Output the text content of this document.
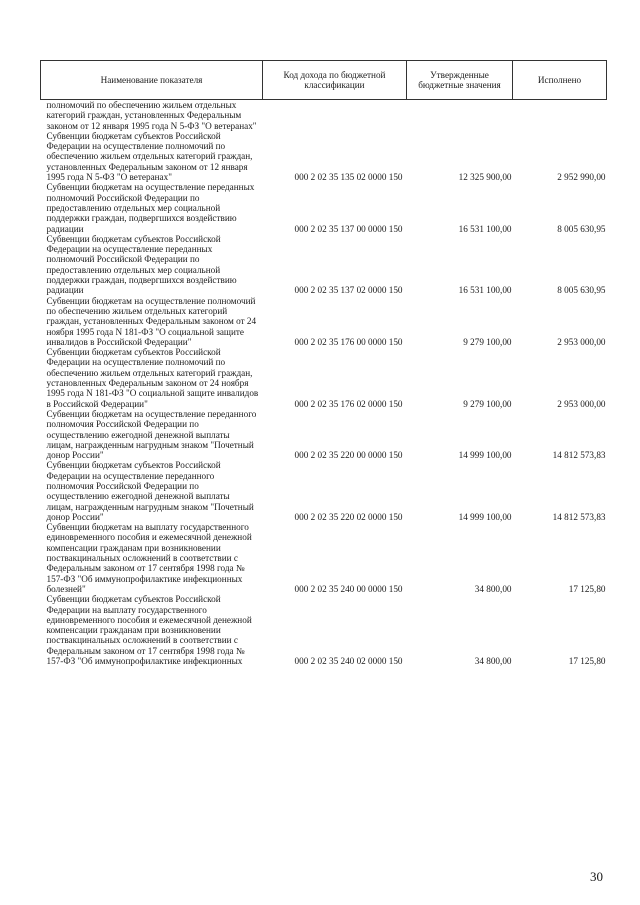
Наименование показателя	Код дохода по бюджетной классификации	Утвержденные бюджетные значения	Исполнено
полномочий по обеспечению жильем отдельных категорий граждан, установленных Федеральным законом от 12 января 1995 года N 5-ФЗ "О ветеранах"			
Субвенции бюджетам субъектов Российской Федерации на осуществление полномочий по обеспечению жильем отдельных категорий граждан, установленных Федеральным законом от 12 января 1995 года N 5-ФЗ "О ветеранах"	000 2 02 35 135 02 0000 150	12 325 900,00	2 952 990,00
Субвенции бюджетам на осуществление переданных полномочий Российской Федерации по предоставлению отдельных мер социальной поддержки граждан, подвергшихся воздействию радиации	000 2 02 35 137 00 0000 150	16 531 100,00	8 005 630,95
Субвенции бюджетам субъектов Российской Федерации на осуществление переданных полномочий Российской Федерации по предоставлению отдельных мер социальной поддержки граждан, подвергшихся воздействию радиации	000 2 02 35 137 02 0000 150	16 531 100,00	8 005 630,95
Субвенции бюджетам на осуществление полномочий по обеспечению жильем отдельных категорий граждан, установленных Федеральным законом от 24 ноября 1995 года N 181-ФЗ "О социальной защите инвалидов в Российской Федерации"	000 2 02 35 176 00 0000 150	9 279 100,00	2 953 000,00
Субвенции бюджетам субъектов Российской Федерации на осуществление полномочий по обеспечению жильем отдельных категорий граждан, установленных Федеральным законом от 24 ноября 1995 года N 181-ФЗ "О социальной защите инвалидов в Российской Федерации"	000 2 02 35 176 02 0000 150	9 279 100,00	2 953 000,00
Субвенции бюджетам на осуществление переданного полномочия Российской Федерации по осуществлению ежегодной денежной выплаты лицам, награжденным нагрудным знаком "Почетный донор России"	000 2 02 35 220 00 0000 150	14 999 100,00	14 812 573,83
Субвенции бюджетам субъектов Российской Федерации на осуществление переданного полномочия Российской Федерации по осуществлению ежегодной денежной выплаты лицам, награжденным нагрудным знаком "Почетный донор России"	000 2 02 35 220 02 0000 150	14 999 100,00	14 812 573,83
Субвенции бюджетам на выплату государственного единовременного пособия и ежемесячной денежной компенсации гражданам при возникновении поствакцинальных осложнений в соответствии с Федеральным законом от 17 сентября 1998 года № 157-ФЗ "Об иммунопрофилактике инфекционных болезней"	000 2 02 35 240 00 0000 150	34 800,00	17 125,80
Субвенции бюджетам субъектов Российской Федерации на выплату государственного единовременного пособия и ежемесячной денежной компенсации гражданам при возникновении поствакцинальных осложнений в соответствии с Федеральным законом от 17 сентября 1998 года № 157-ФЗ "Об иммунопрофилактике инфекционных	000 2 02 35 240 02 0000 150	34 800,00	17 125,80
30
